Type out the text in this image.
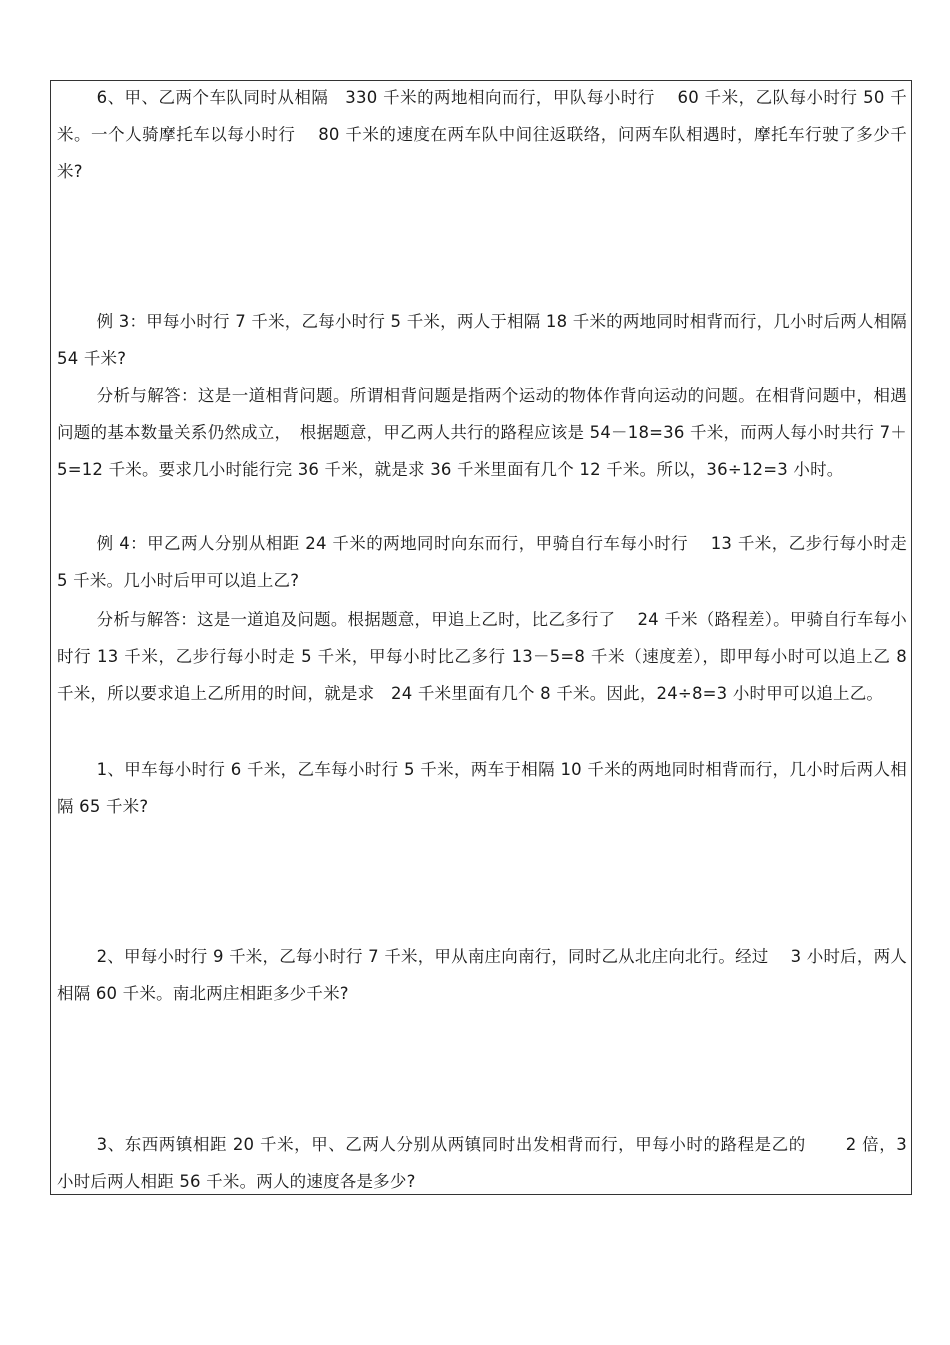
6、甲、乙两个车队同时从相隔　330 千米的两地相向而行，甲队每小时行　 60 千米，乙队每小时行 50 千米。一个人骑摩托车以每小时行　 80 千米的速度在两车队中间往返联络，问两车队相遇时，摩托车行驶了多少千米?

例 3：甲每小时行 7 千米，乙每小时行 5 千米，两人于相隔 18 千米的两地同时相背而行，几小时后两人相隔 54 千米?

分析与解答：这是一道相背问题。所谓相背问题是指两个运动的物体作背向运动的问题。在相背问题中，相遇问题的基本数量关系仍然成立，　根据题意，甲乙两人共行的路程应该是 54－18=36 千米，而两人每小时共行 7＋5=12 千米。要求几小时能行完 36 千米，就是求 36 千米里面有几个 12 千米。所以，36÷12=3 小时。

例 4：甲乙两人分别从相距 24 千米的两地同时向东而行，甲骑自行车每小时行　 13 千米，乙步行每小时走 5 千米。几小时后甲可以追上乙?

分析与解答：这是一道追及问题。根据题意，甲追上乙时，比乙多行了　 24 千米（路程差）。甲骑自行车每小时行 13 千米，乙步行每小时走 5 千米，甲每小时比乙多行 13－5=8 千米（速度差），即甲每小时可以追上乙 8 千米，所以要求追上乙所用的时间，就是求　24 千米里面有几个 8 千米。因此，24÷8=3 小时甲可以追上乙。

1、甲车每小时行 6 千米，乙车每小时行 5 千米，两车于相隔 10 千米的两地同时相背而行，几小时后两人相隔 65 千米?

2、甲每小时行 9 千米，乙每小时行 7 千米，甲从南庄向南行，同时乙从北庄向北行。经过　 3 小时后，两人相隔 60 千米。南北两庄相距多少千米?

3、东西两镇相距 20 千米，甲、乙两人分别从两镇同时出发相背而行，甲每小时的路程是乙的　　 2 倍，3 小时后两人相距 56 千米。两人的速度各是多少?
